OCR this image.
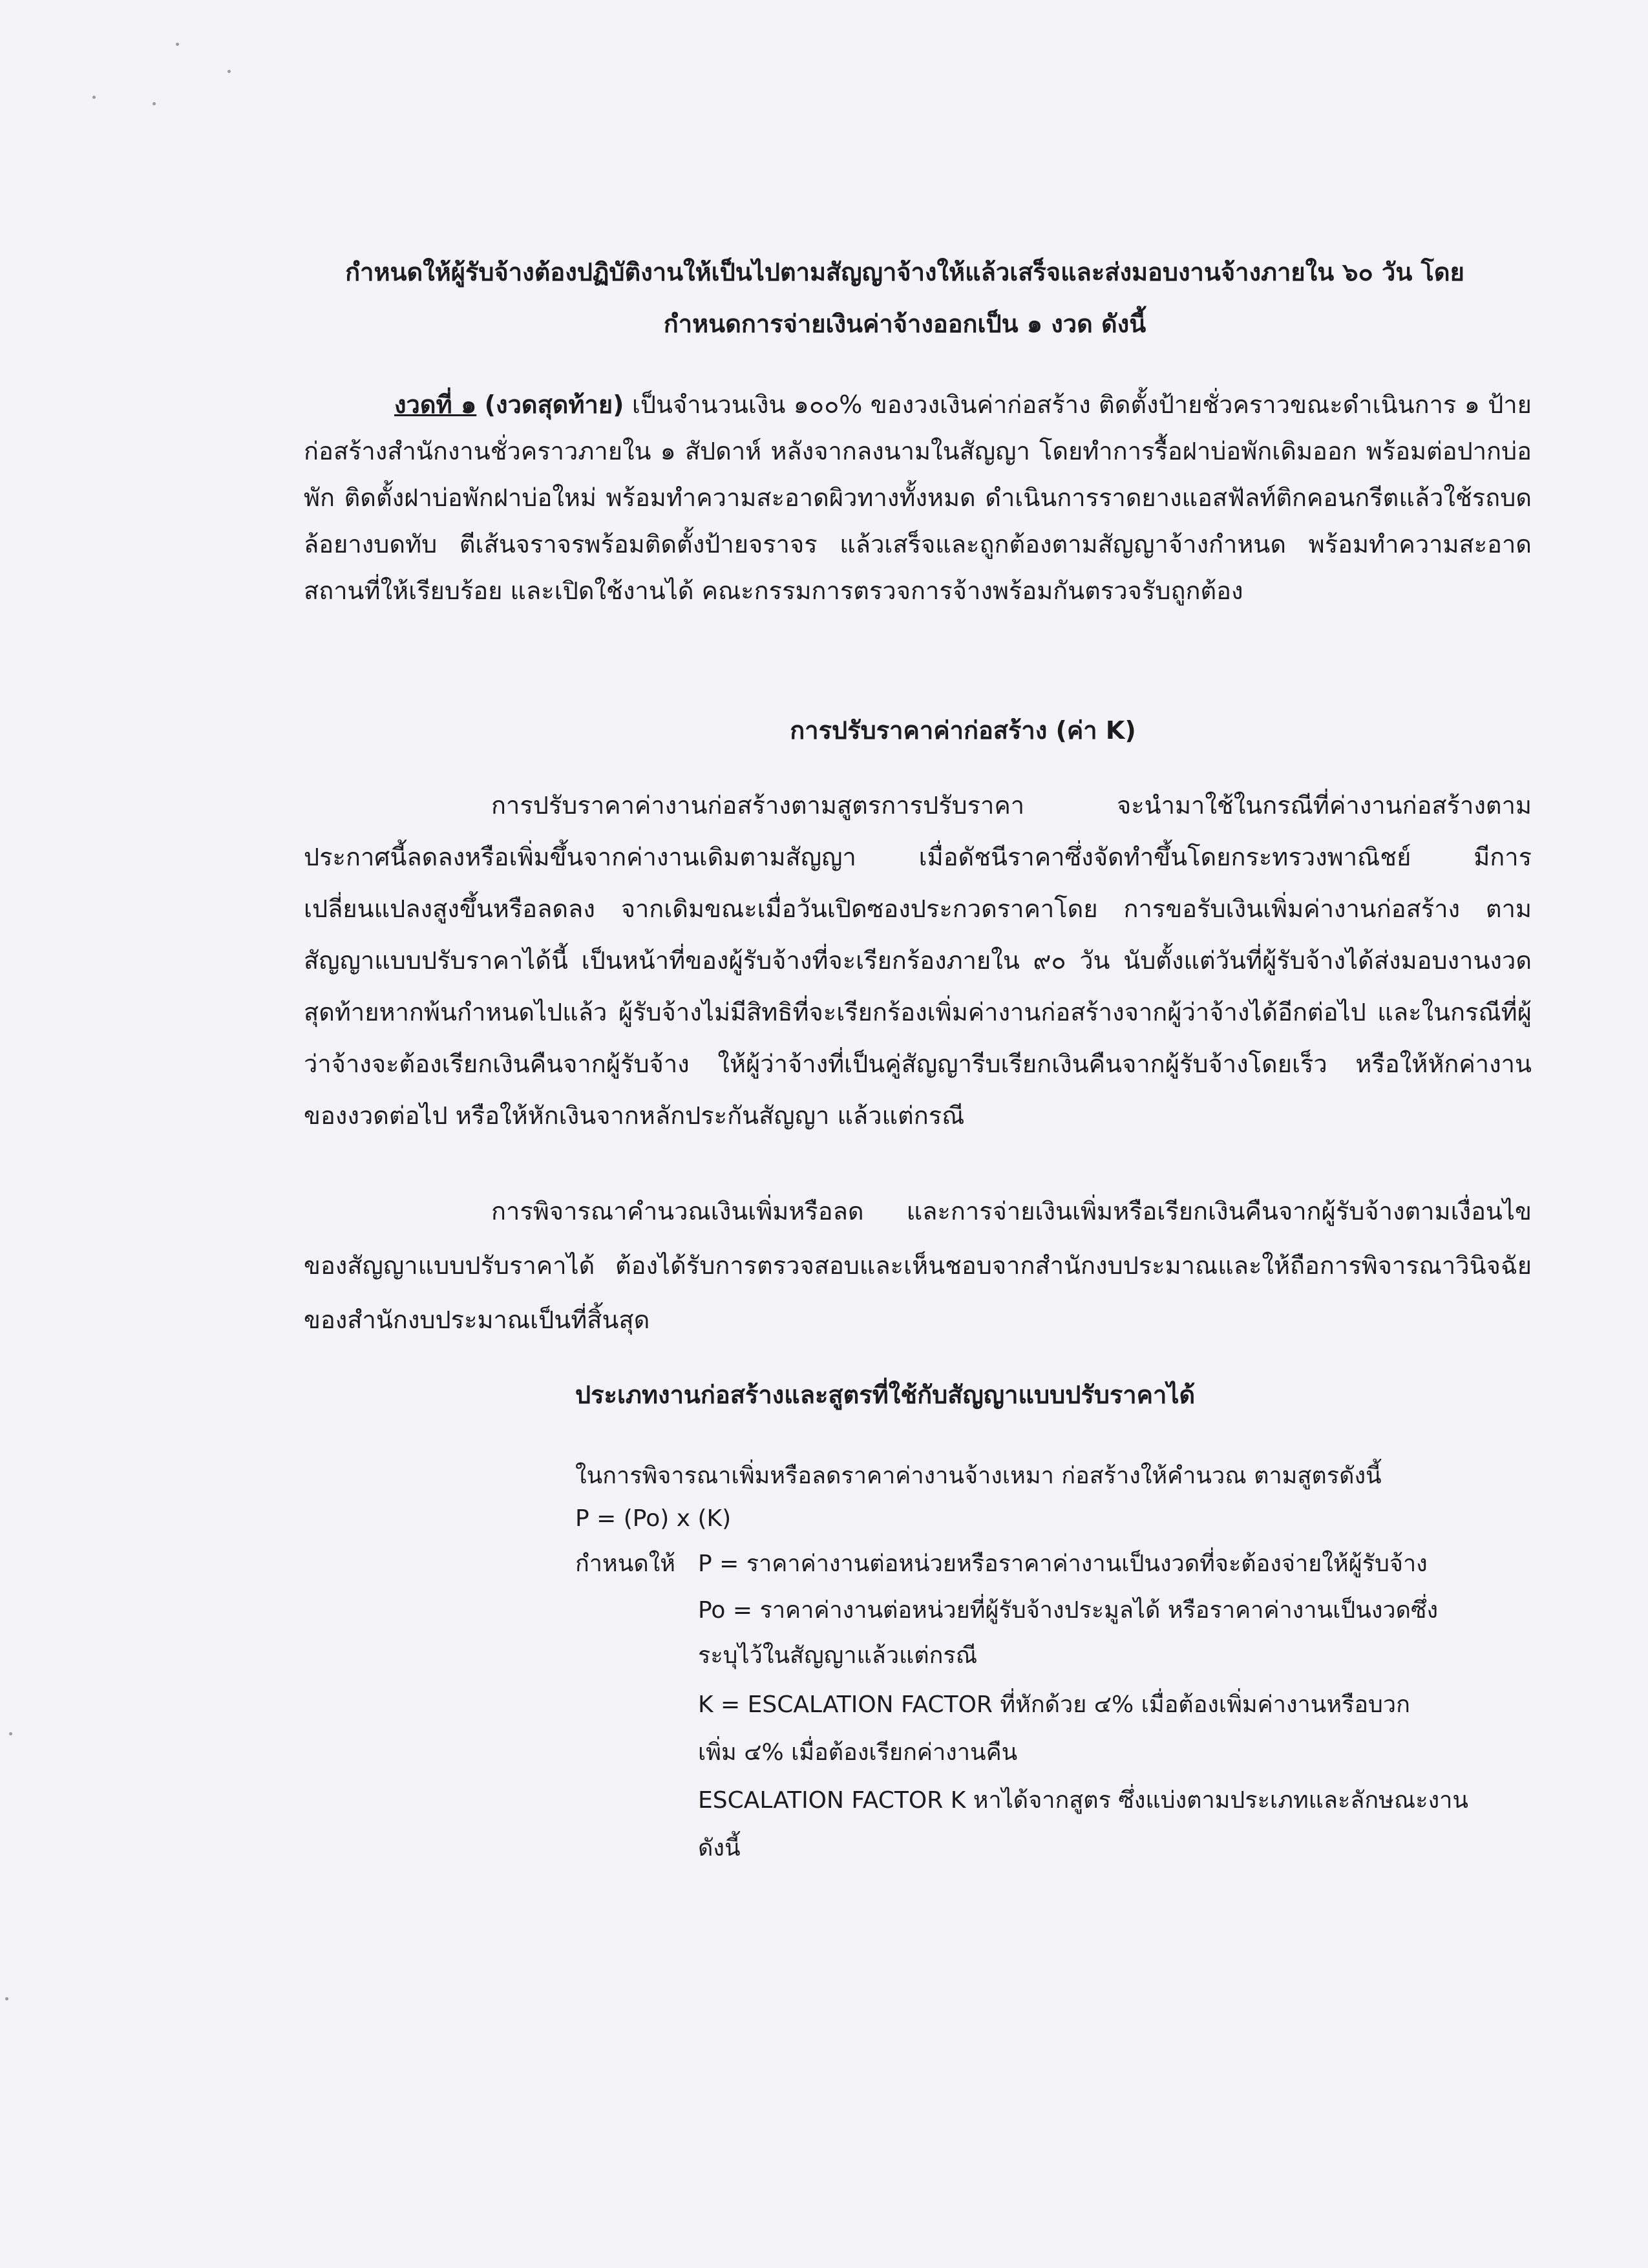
กำหนดให้ผู้รับจ้างต้องปฏิบัติงานให้เป็นไปตามสัญญาจ้างให้แล้วเสร็จและส่งมอบงานจ้างภายใน ๖๐ วัน โดย

กำหนดการจ่ายเงินค่าจ้างออกเป็น ๑ งวด ดังนี้

งวดที่ ๑ (งวดสุดท้าย) เป็นจำนวนเงิน ๑๐๐% ของวงเงินค่าก่อสร้าง ติดตั้งป้ายชั่วคราวขณะดำเนินการ ๑ ป้าย ก่อสร้างสำนักงานชั่วคราวภายใน ๑ สัปดาห์ หลังจากลงนามในสัญญา โดยทำการรื้อฝาบ่อพักเดิมออก พร้อมต่อปากบ่อพัก ติดตั้งฝาบ่อพักฝาบ่อใหม่ พร้อมทำความสะอาดผิวทางทั้งหมด ดำเนินการราดยางแอสฟัลท์ติกคอนกรีตแล้วใช้รถบดล้อยางบดทับ ตีเส้นจราจรพร้อมติดตั้งป้ายจราจร แล้วเสร็จและถูกต้องตามสัญญาจ้างกำหนด พร้อมทำความสะอาดสถานที่ให้เรียบร้อย และเปิดใช้งานได้ คณะกรรมการตรวจการจ้างพร้อมกันตรวจรับถูกต้อง

การปรับราคาค่าก่อสร้าง (ค่า K)

การปรับราคาค่างานก่อสร้างตามสูตรการปรับราคา จะนำมาใช้ในกรณีที่ค่างานก่อสร้างตามประกาศนี้ลดลงหรือเพิ่มขึ้นจากค่างานเดิมตามสัญญา เมื่อดัชนีราคาซึ่งจัดทำขึ้นโดยกระทรวงพาณิชย์ มีการเปลี่ยนแปลงสูงขึ้นหรือลดลง จากเดิมขณะเมื่อวันเปิดซองประกวดราคาโดย การขอรับเงินเพิ่มค่างานก่อสร้าง ตามสัญญาแบบปรับราคาได้นี้ เป็นหน้าที่ของผู้รับจ้างที่จะเรียกร้องภายใน ๙๐ วัน นับตั้งแต่วันที่ผู้รับจ้างได้ส่งมอบงานงวดสุดท้ายหากพ้นกำหนดไปแล้ว ผู้รับจ้างไม่มีสิทธิที่จะเรียกร้องเพิ่มค่างานก่อสร้างจากผู้ว่าจ้างได้อีกต่อไป และในกรณีที่ผู้ว่าจ้างจะต้องเรียกเงินคืนจากผู้รับจ้าง ให้ผู้ว่าจ้างที่เป็นคู่สัญญารีบเรียกเงินคืนจากผู้รับจ้างโดยเร็ว หรือให้หักค่างานของงวดต่อไป หรือให้หักเงินจากหลักประกันสัญญา แล้วแต่กรณี

การพิจารณาคำนวณเงินเพิ่มหรือลด และการจ่ายเงินเพิ่มหรือเรียกเงินคืนจากผู้รับจ้างตามเงื่อนไขของสัญญาแบบปรับราคาได้ ต้องได้รับการตรวจสอบและเห็นชอบจากสำนักงบประมาณและให้ถือการพิจารณาวินิจฉัยของสำนักงบประมาณเป็นที่สิ้นสุด

ประเภทงานก่อสร้างและสูตรที่ใช้กับสัญญาแบบปรับราคาได้

ในการพิจารณาเพิ่มหรือลดราคาค่างานจ้างเหมา ก่อสร้างให้คำนวณ ตามสูตรดังนี้

P = (Po) x (K)

กำหนดให้ P = ราคาค่างานต่อหน่วยหรือราคาค่างานเป็นงวดที่จะต้องจ่ายให้ผู้รับจ้าง

Po = ราคาค่างานต่อหน่วยที่ผู้รับจ้างประมูลได้ หรือราคาค่างานเป็นงวดซึ่ง

ระบุไว้ในสัญญาแล้วแต่กรณี

K = ESCALATION FACTOR ที่หักด้วย ๔% เมื่อต้องเพิ่มค่างานหรือบวก

เพิ่ม ๔% เมื่อต้องเรียกค่างานคืน

ESCALATION FACTOR K หาได้จากสูตร ซึ่งแบ่งตามประเภทและลักษณะงาน

ดังนี้
